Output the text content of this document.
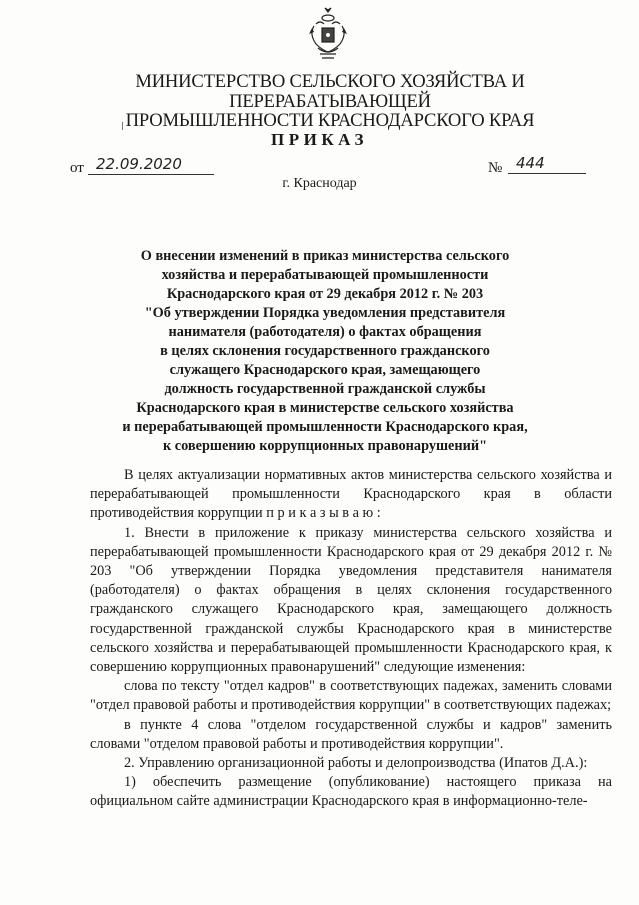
МИНИСТЕРСТВО СЕЛЬСКОГО ХОЗЯЙСТВА И ПЕРЕРАБАТЫВАЮЩЕЙ
ПРОМЫШЛЕННОСТИ КРАСНОДАРСКОГО КРАЯ
ПРИКАЗ
от 22.09.2020	№ 444
г. Краснодар
О внесении изменений в приказ министерства сельского
хозяйства и перерабатывающей промышленности
Краснодарского края от 29 декабря 2012 г. № 203
"Об утверждении Порядка уведомления представителя
нанимателя (работодателя) о фактах обращения
в целях склонения государственного гражданского
служащего Краснодарского края, замещающего
должность государственной гражданской службы
Краснодарского края в министерстве сельского хозяйства
и перерабатывающей промышленности Краснодарского края,
к совершению коррупционных правонарушений"

В целях актуализации нормативных актов министерства сельского хозяйства и перерабатывающей промышленности Краснодарского края в области противодействия коррупции п р и к а з ы в а ю :

1. Внести в приложение к приказу министерства сельского хозяйства и перерабатывающей промышленности Краснодарского края от 29 декабря 2012 г. № 203 "Об утверждении Порядка уведомления представителя нанимателя (работодателя) о фактах обращения в целях склонения государственного гражданского служащего Краснодарского края, замещающего должность государственной гражданской службы Краснодарского края в министерстве сельского хозяйства и перерабатывающей промышленности Краснодарского края, к совершению коррупционных правонарушений" следующие изменения:

слова по тексту "отдел кадров" в соответствующих падежах, заменить словами "отдел правовой работы и противодействия коррупции" в соответствующих падежах;

в пункте 4 слова "отделом государственной службы и кадров" заменить словами "отделом правовой работы и противодействия коррупции".

2. Управлению организационной работы и делопроизводства (Ипатов Д.А.):

1) обеспечить размещение (опубликование) настоящего приказа на официальном сайте администрации Краснодарского края в информационно-теле-
